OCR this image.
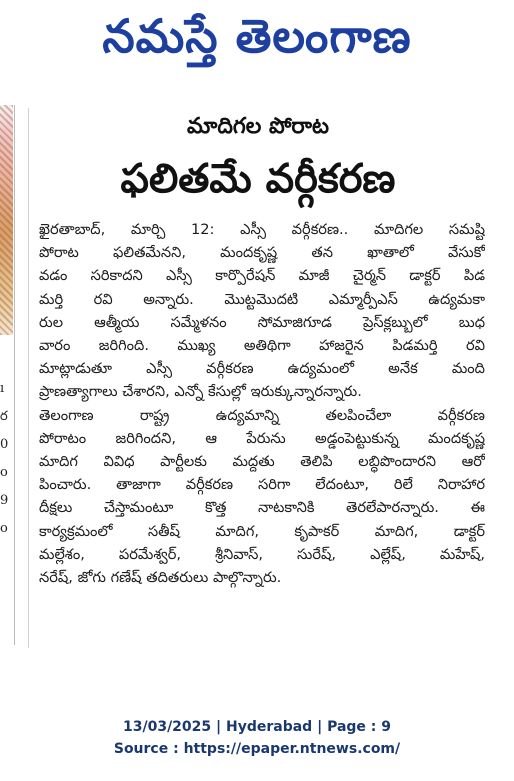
నమస్తే తెలంగాణ
ı
ర
0
o
9
o
మాదిగల పోరాట
ఫలితమే వర్గీకరణ
ఖైరతాబాద్, మార్చి 12: ఎస్సీ వర్గీకరణ.. మాదిగల సమష్టి
పోరాట ఫలితమేనని, మందకృష్ణ తన ఖాతాలో వేసుకో
వడం సరికాదని ఎస్సీ కార్పొరేషన్ మాజీ చైర్మన్ డాక్టర్ పిడ
మర్తి రవి అన్నారు. మొట్టమొదటి ఎమ్మార్పీఎస్ ఉద్యమకా
రుల ఆత్మీయ సమ్మేళనం సోమాజిగూడ ప్రెస్‌క్లబ్బులో బుధ
వారం జరిగింది. ముఖ్య అతిథిగా హాజరైన పిడమర్తి రవి
మాట్లాడుతూ ఎస్సీ వర్గీకరణ ఉద్యమంలో అనేక మంది
ప్రాణత్యాగాలు చేశారని, ఎన్నో కేసుల్లో ఇరుక్కున్నారన్నారు.
తెలంగాణ రాష్ట్ర ఉద్యమాన్ని తలపించేలా వర్గీకరణ
పోరాటం జరిగిందని, ఆ పేరును అడ్డంపెట్టుకున్న మందకృష్ణ
మాదిగ వివిధ పార్టీలకు మద్దతు తెలిపి లబ్ధిపొందారని ఆరో
పించారు. తాజాగా వర్గీకరణ సరిగా లేదంటూ, రిలే నిరాహార
దీక్షలు చేస్తామంటూ కొత్త నాటకానికి తెరలేపారన్నారు. ఈ
కార్యక్రమంలో సతీష్ మాదిగ, కృపాకర్ మాదిగ, డాక్టర్
మల్లేశం, పరమేశ్వర్, శ్రీనివాస్, సురేష్, ఎల్లేష్, మహేష్,
నరేష్, జోగు గణేష్ తదితరులు పాల్గొన్నారు.
13/03/2025 | Hyderabad | Page : 9
Source : https://epaper.ntnews.com/
